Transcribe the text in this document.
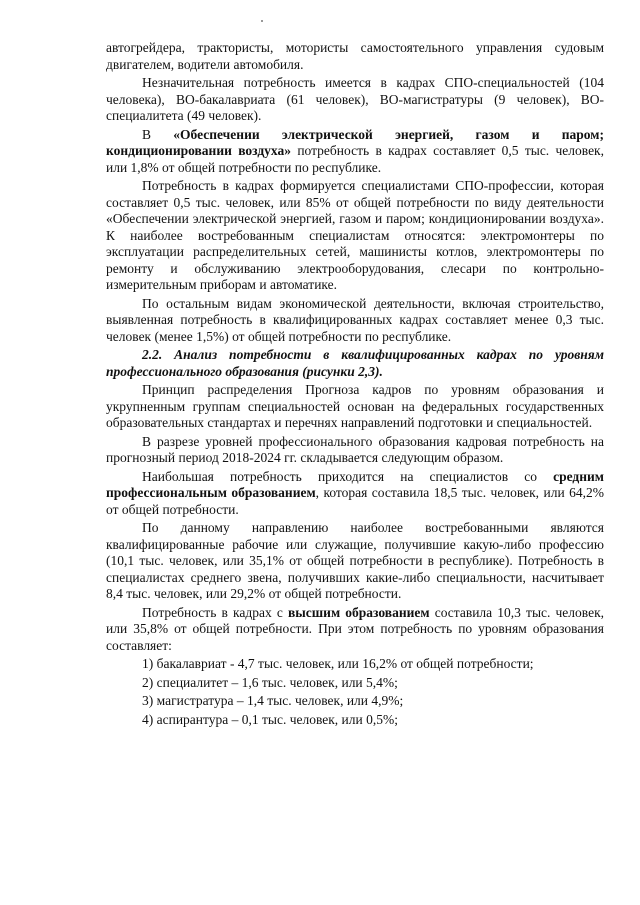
автогрейдера, трактористы, мотористы самостоятельного управления судовым двигателем, водители автомобиля.

Незначительная потребность имеется в кадрах СПО-специальностей (104 человека), ВО-бакалавриата (61 человек), ВО-магистратуры (9 человек), ВО-специалитета (49 человек).

В «Обеспечении электрической энергией, газом и паром; кондиционировании воздуха» потребность в кадрах составляет 0,5 тыс. человек, или 1,8% от общей потребности по республике.

Потребность в кадрах формируется специалистами СПО-профессии, которая составляет 0,5 тыс. человек, или 85% от общей потребности по виду деятельности «Обеспечении электрической энергией, газом и паром; кондиционировании воздуха». К наиболее востребованным специалистам относятся: электромонтеры по эксплуатации распределительных сетей, машинисты котлов, электромонтеры по ремонту и обслуживанию электрооборудования, слесари по контрольно-измерительным приборам и автоматике.

По остальным видам экономической деятельности, включая строительство, выявленная потребность в квалифицированных кадрах составляет менее 0,3 тыс. человек (менее 1,5%) от общей потребности по республике.

2.2. Анализ потребности в квалифицированных кадрах по уровням профессионального образования (рисунки 2,3).

Принцип распределения Прогноза кадров по уровням образования и укрупненным группам специальностей основан на федеральных государственных образовательных стандартах и перечнях направлений подготовки и специальностей.

В разрезе уровней профессионального образования кадровая потребность на прогнозный период 2018-2024 гг. складывается следующим образом.

Наибольшая потребность приходится на специалистов со средним профессиональным образованием, которая составила 18,5 тыс. человек, или 64,2% от общей потребности.

По данному направлению наиболее востребованными являются квалифицированные рабочие или служащие, получившие какую-либо профессию (10,1 тыс. человек, или 35,1% от общей потребности в республике). Потребность в специалистах среднего звена, получивших какие-либо специальности, насчитывает 8,4 тыс. человек, или 29,2% от общей потребности.

Потребность в кадрах с высшим образованием составила 10,3 тыс. человек, или 35,8% от общей потребности. При этом потребность по уровням образования составляет:

1) бакалавриат - 4,7 тыс. человек, или 16,2% от общей потребности;
2) специалитет – 1,6 тыс. человек, или 5,4%;
3) магистратура – 1,4 тыс. человек, или 4,9%;
4) аспирантура – 0,1 тыс. человек, или 0,5%;
